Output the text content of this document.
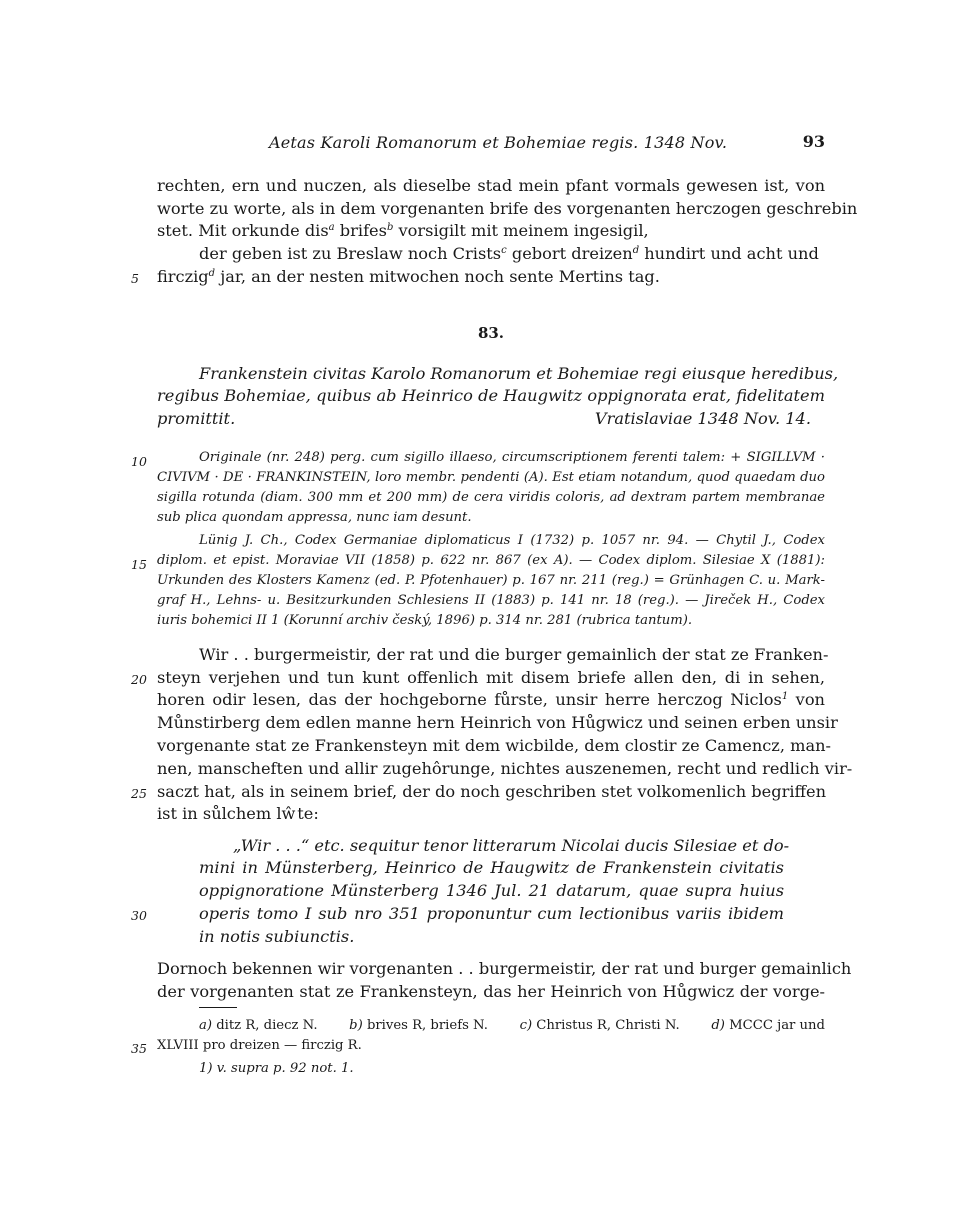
Aetas Karoli Romanorum et Bohemiae regis. 1348 Nov.	93
rechten, ern und nuczen, als dieselbe stad mein pfant vormals gewesen ist, von
worte zu worte, als in dem vorgenanten brife des vorgenanten herczogen geschrebin
stet. Mit orkunde dis$^a$ brifes$^b$ vorsigilt mit meinem ingesigil,
der geben ist zu Breslaw noch Crists$^c$ gebort dreizen$^d$ hundirt und acht und
5 firczig$^d$ jar, an der nesten mitwochen noch sente Mertins tag.
83.
Frankenstein civitas Karolo Romanorum et Bohemiae regi eiusque heredibus,
regibus Bohemiae, quibus ab Heinrico de Haugwitz oppignorata erat, fidelitatem
promittit.	Vratislaviae 1348 Nov. 14.
10	Originale (nr. 248) perg. cum sigillo illaeso, circumscriptionem ferenti talem: + SIGILLVM ·
CIVIVM · DE · FRANKINSTEIN, loro membr. pendenti (A). Est etiam notandum, quod quaedam duo
sigilla rotunda (diam. 300 mm et 200 mm) de cera viridis coloris, ad dextram partem membranae
sub plica quondam appressa, nunc iam desunt.
Lünig J. Ch., Codex Germaniae diplomaticus I (1732) p. 1057 nr. 94. — Chytil J., Codex
15 diplom. et epist. Moraviae VII (1858) p. 622 nr. 867 (ex A). — Codex diplom. Silesiae X (1881):
Urkunden des Klosters Kamenz (ed. P. Pfotenhauer) p. 167 nr. 211 (reg.) = Grünhagen C. u. Mark-
graf H., Lehns- u. Besitzurkunden Schlesiens II (1883) p. 141 nr. 18 (reg.). — Jireček H., Codex
iuris bohemici II 1 (Korunní archiv český, 1896) p. 314 nr. 281 (rubrica tantum).
Wir . . burgermeistir, der rat und die burger gemainlich der stat ze Franken-
20 steyn verjehen und tun kunt offenlich mit disem briefe allen den, di in sehen,
horen odir lesen, das der hochgeborne fůrste, unsir herre herczog Niclos$^1$ von
Můnstirberg dem edlen manne hern Heinrich von Hůgwicz und seinen erben unsir
vorgenante stat ze Frankensteyn mit dem wicbilde, dem clostir ze Camencz, man-
nen, manscheften und allir zugehôrunge, nichtes auszenemen, recht und redlich vir-
25 saczt hat, als in seinem brief, der do noch geschriben stet volkomenlich begriffen
ist in sůlchem lŵte:
„Wir . . .“ etc. sequitur tenor litterarum Nicolai ducis Silesiae et do-
mini in Münsterberg, Heinrico de Haugwitz de Frankenstein civitatis
oppignoratione Münsterberg 1346 Jul. 21 datarum, quae supra huius
30	operis tomo I sub nro 351 proponuntur cum lectionibus variis ibidem
in notis subiunctis.
Dornoch bekennen wir vorgenanten . . burgermeistir, der rat und burger gemainlich
der vorgenanten stat ze Frankensteyn, das her Heinrich von Hůgwicz der vorge-
a) ditz R, diecz N. b) brives R, briefs N. c) Christus R, Christi N. d) MCCC jar und
35 XLVIII pro dreizen — firczig R.
1) v. supra p. 92 not. 1.
